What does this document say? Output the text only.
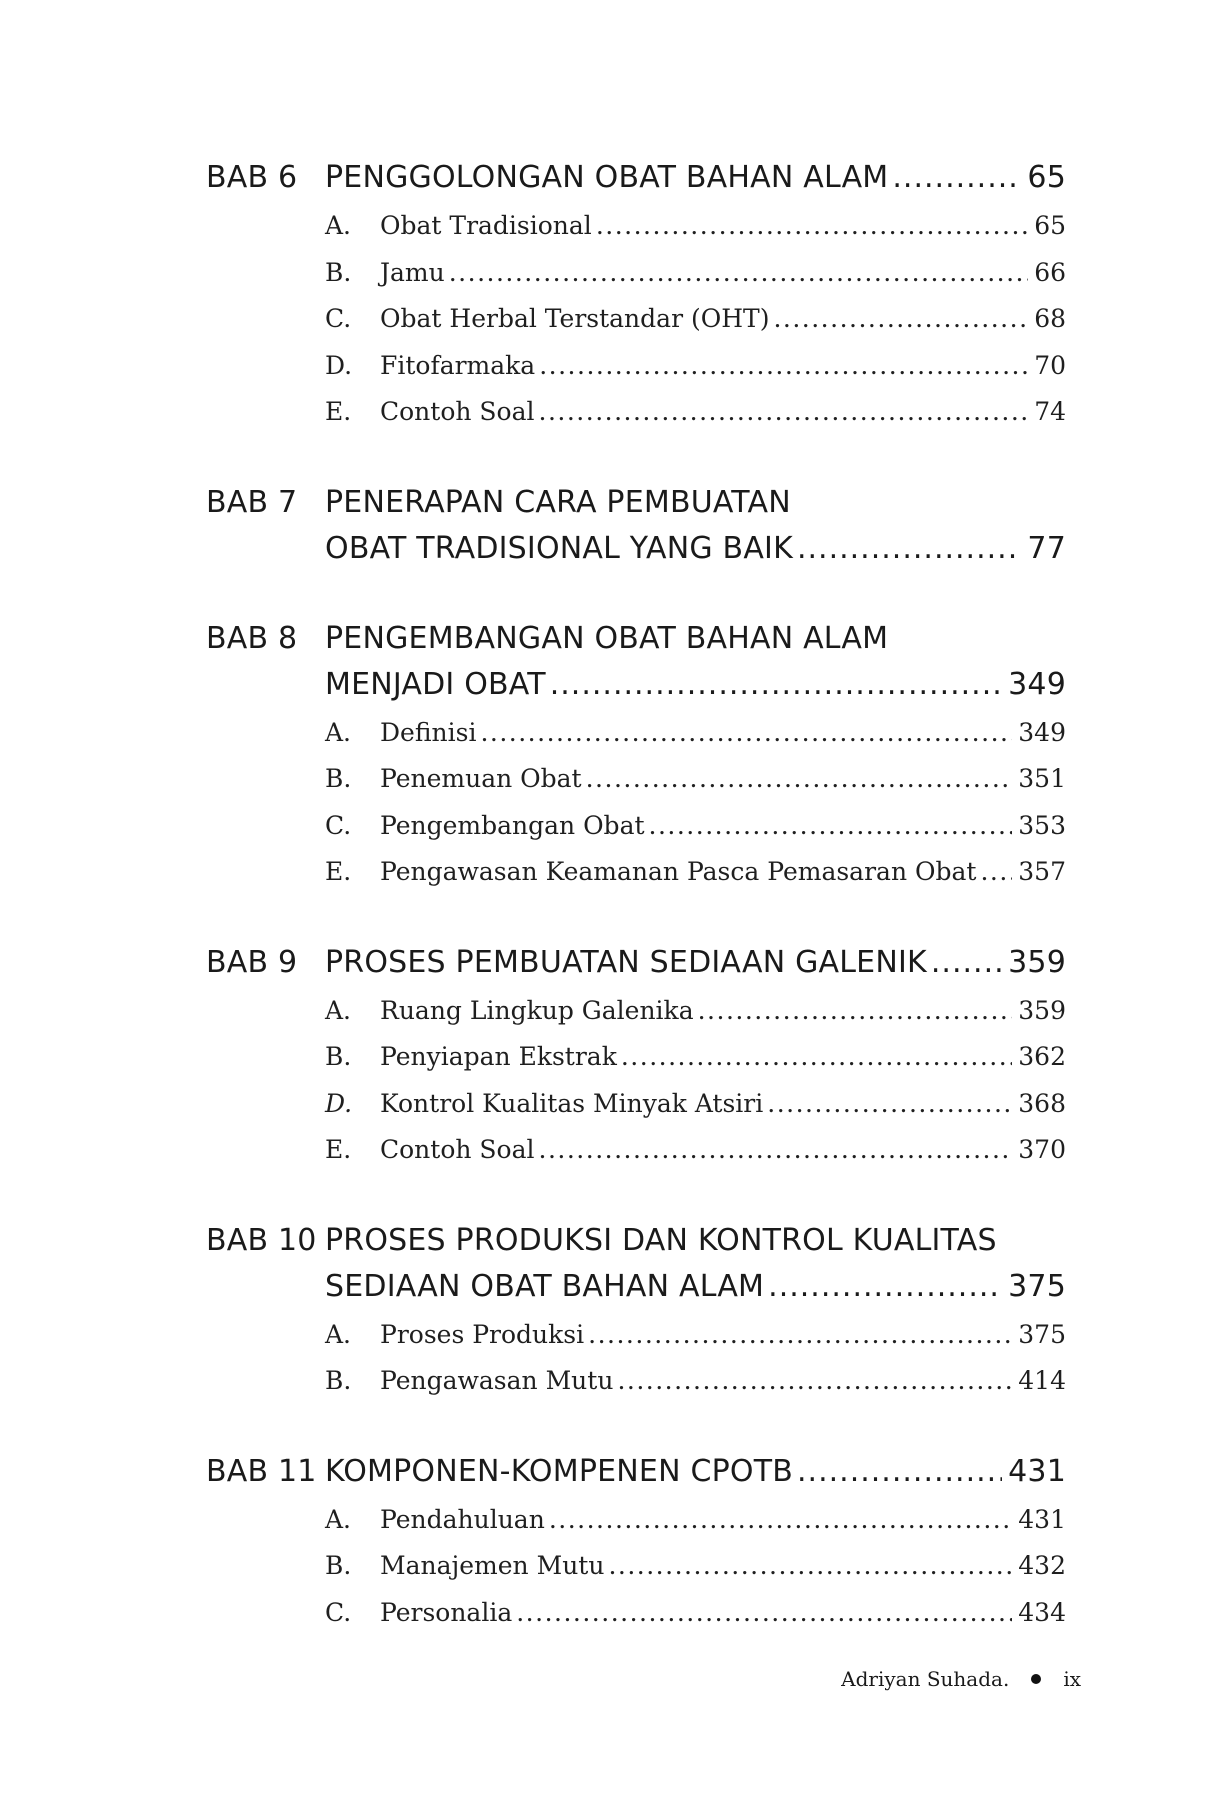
BAB 6 PENGGOLONGAN OBAT BAHAN ALAM .....	65
A.	Obat Tradisional .....	65
B.	Jamu .....	66
C.	Obat Herbal Terstandar (OHT) .....	68
D.	Fitofarmaka .....	70
E.	Contoh Soal .....	74
BAB 7 PENERAPAN CARA PEMBUATAN
OBAT TRADISIONAL YANG BAIK .....	77
BAB 8 PENGEMBANGAN OBAT BAHAN ALAM
MENJADI OBAT .....	349
A.	Definisi .....	349
B.	Penemuan Obat .....	351
C.	Pengembangan Obat .....	353
E.	Pengawasan Keamanan Pasca Pemasaran Obat ..... 357
BAB 9 PROSES PEMBUATAN SEDIAAN GALENIK .....	359
A.	Ruang Lingkup Galenika .....	359
B.	Penyiapan Ekstrak .....	362
D.	Kontrol Kualitas Minyak Atsiri .....	368
E.	Contoh Soal .....	370
BAB 10 PROSES PRODUKSI DAN KONTROL KUALITAS
SEDIAAN OBAT BAHAN ALAM .....	375
A.	Proses Produksi .....	375
B.	Pengawasan Mutu .....	414
BAB 11 KOMPONEN-KOMPENEN CPOTB .....	431
A.	Pendahuluan .....	431
B.	Manajemen Mutu .....	432
C.	Personalia .....	434
Adriyan Suhada.	ix
